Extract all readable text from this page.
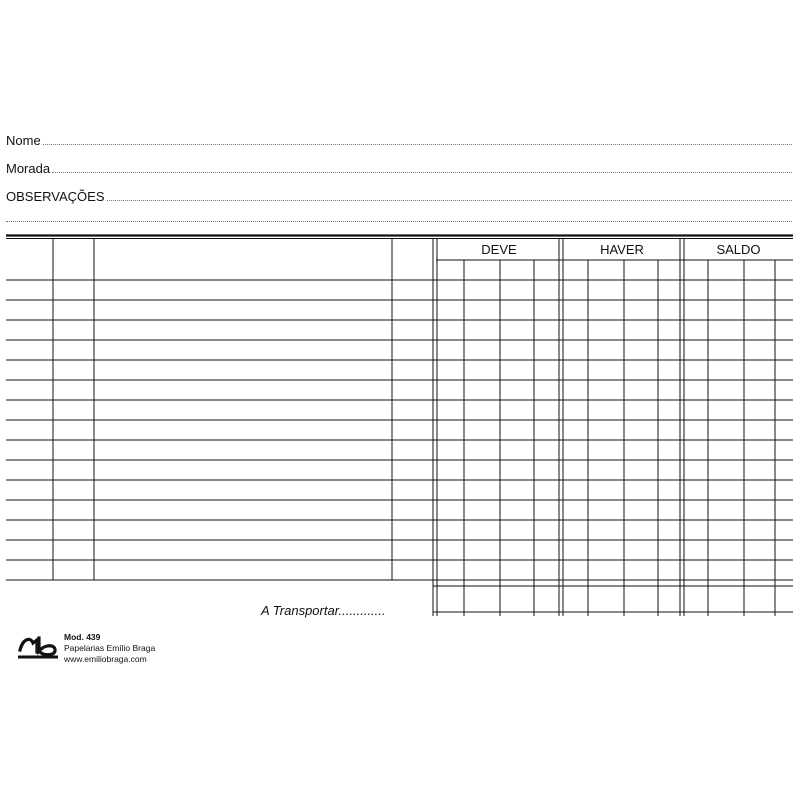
Nome
Morada
OBSERVAÇÕES
DEVE	HAVER	SALDO
A Transportar.............
Mod. 439
Papelarias Emílio Braga
www.emiliobraga.com
